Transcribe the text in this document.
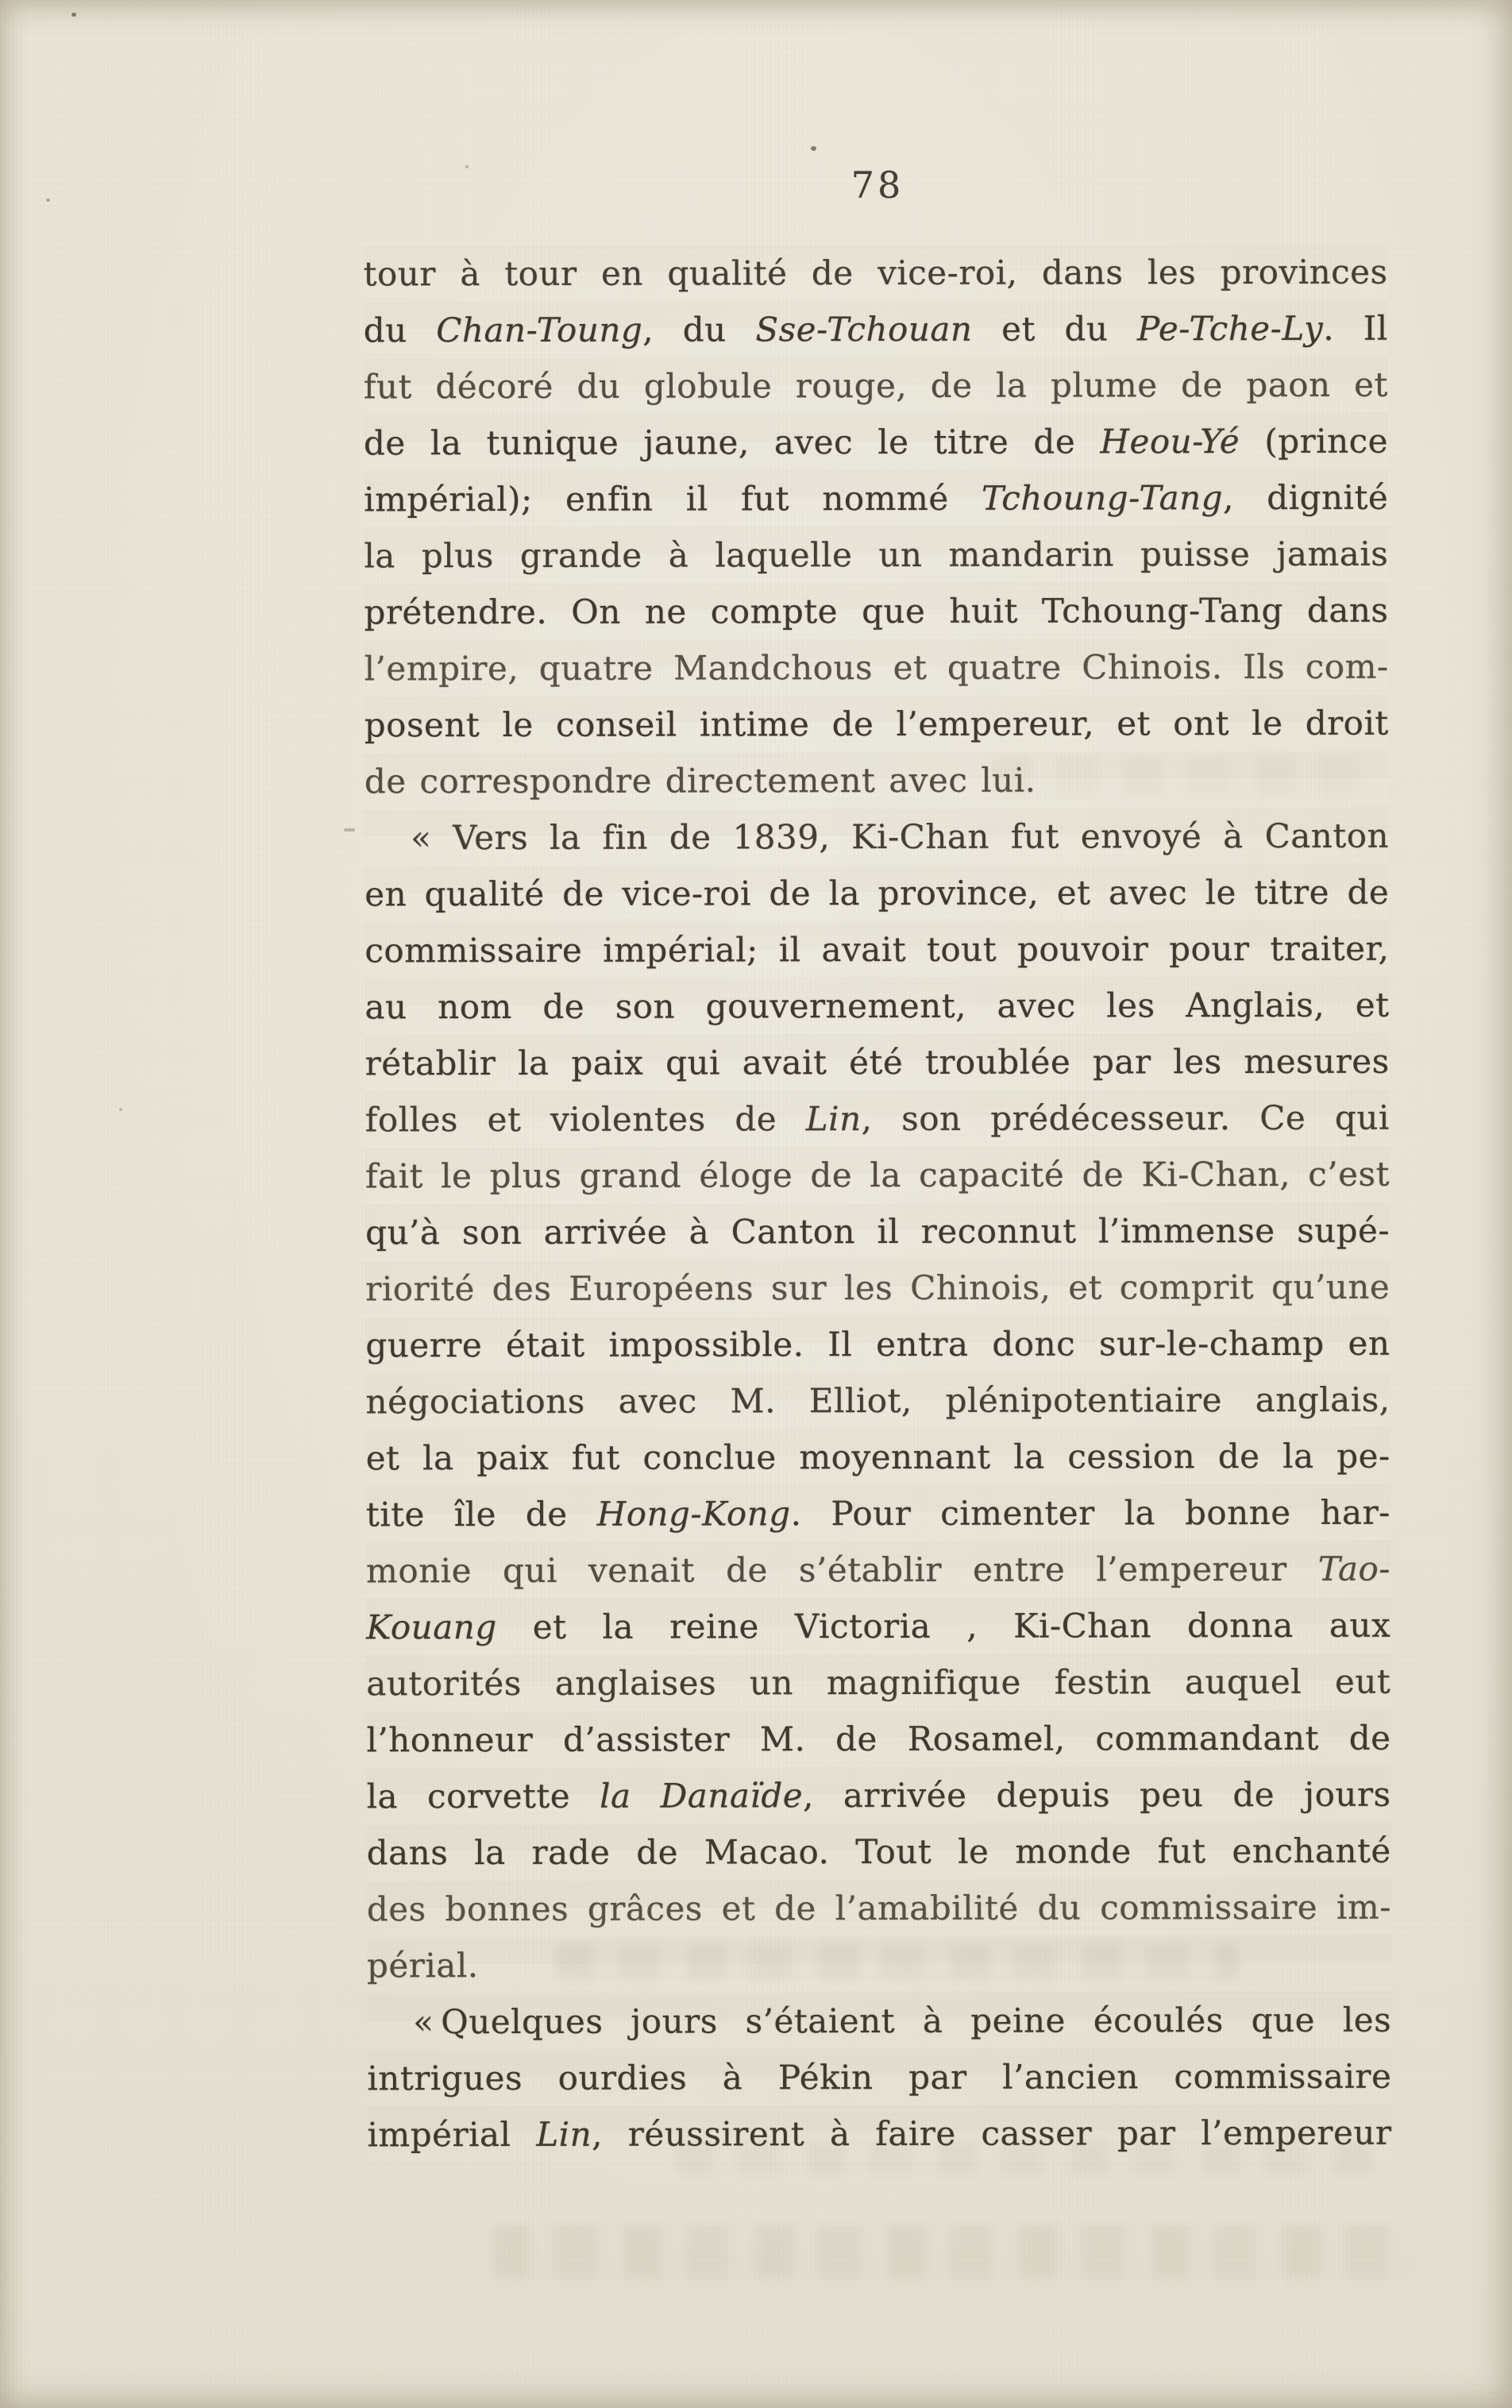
78
tour à tour en qualité de vice-roi, dans les provinces
du Chan-Toung, du Sse-Tchouan et du Pe-Tche-Ly. Il
fut décoré du globule rouge, de la plume de paon et
de la tunique jaune, avec le titre de Heou-Yé (prince
impérial); enfin il fut nommé Tchoung-Tang, dignité
la plus grande à laquelle un mandarin puisse jamais
prétendre. On ne compte que huit Tchoung-Tang dans
l’empire, quatre Mandchous et quatre Chinois. Ils com-
posent le conseil intime de l’empereur, et ont le droit
de correspondre directement avec lui.
« Vers la fin de 1839, Ki-Chan fut envoyé à Canton
en qualité de vice-roi de la province, et avec le titre de
commissaire impérial; il avait tout pouvoir pour traiter,
au nom de son gouvernement, avec les Anglais, et
rétablir la paix qui avait été troublée par les mesures
folles et violentes de Lin, son prédécesseur. Ce qui
fait le plus grand éloge de la capacité de Ki-Chan, c’est
qu’à son arrivée à Canton il reconnut l’immense supé-
riorité des Européens sur les Chinois, et comprit qu’une
guerre était impossible. Il entra donc sur-le-champ en
négociations avec M. Elliot, plénipotentiaire anglais,
et la paix fut conclue moyennant la cession de la pe-
tite île de Hong-Kong. Pour cimenter la bonne har-
monie qui venait de s’établir entre l’empereur Tao-
Kouang et la reine Victoria , Ki-Chan donna aux
autorités anglaises un magnifique festin auquel eut
l’honneur d’assister M. de Rosamel, commandant de
la corvette la Danaïde, arrivée depuis peu de jours
dans la rade de Macao. Tout le monde fut enchanté
des bonnes grâces et de l’amabilité du commissaire im-
périal.
« Quelques jours s’étaient à peine écoulés que les
intrigues ourdies à Pékin par l’ancien commissaire
impérial Lin, réussirent à faire casser par l’empereur
